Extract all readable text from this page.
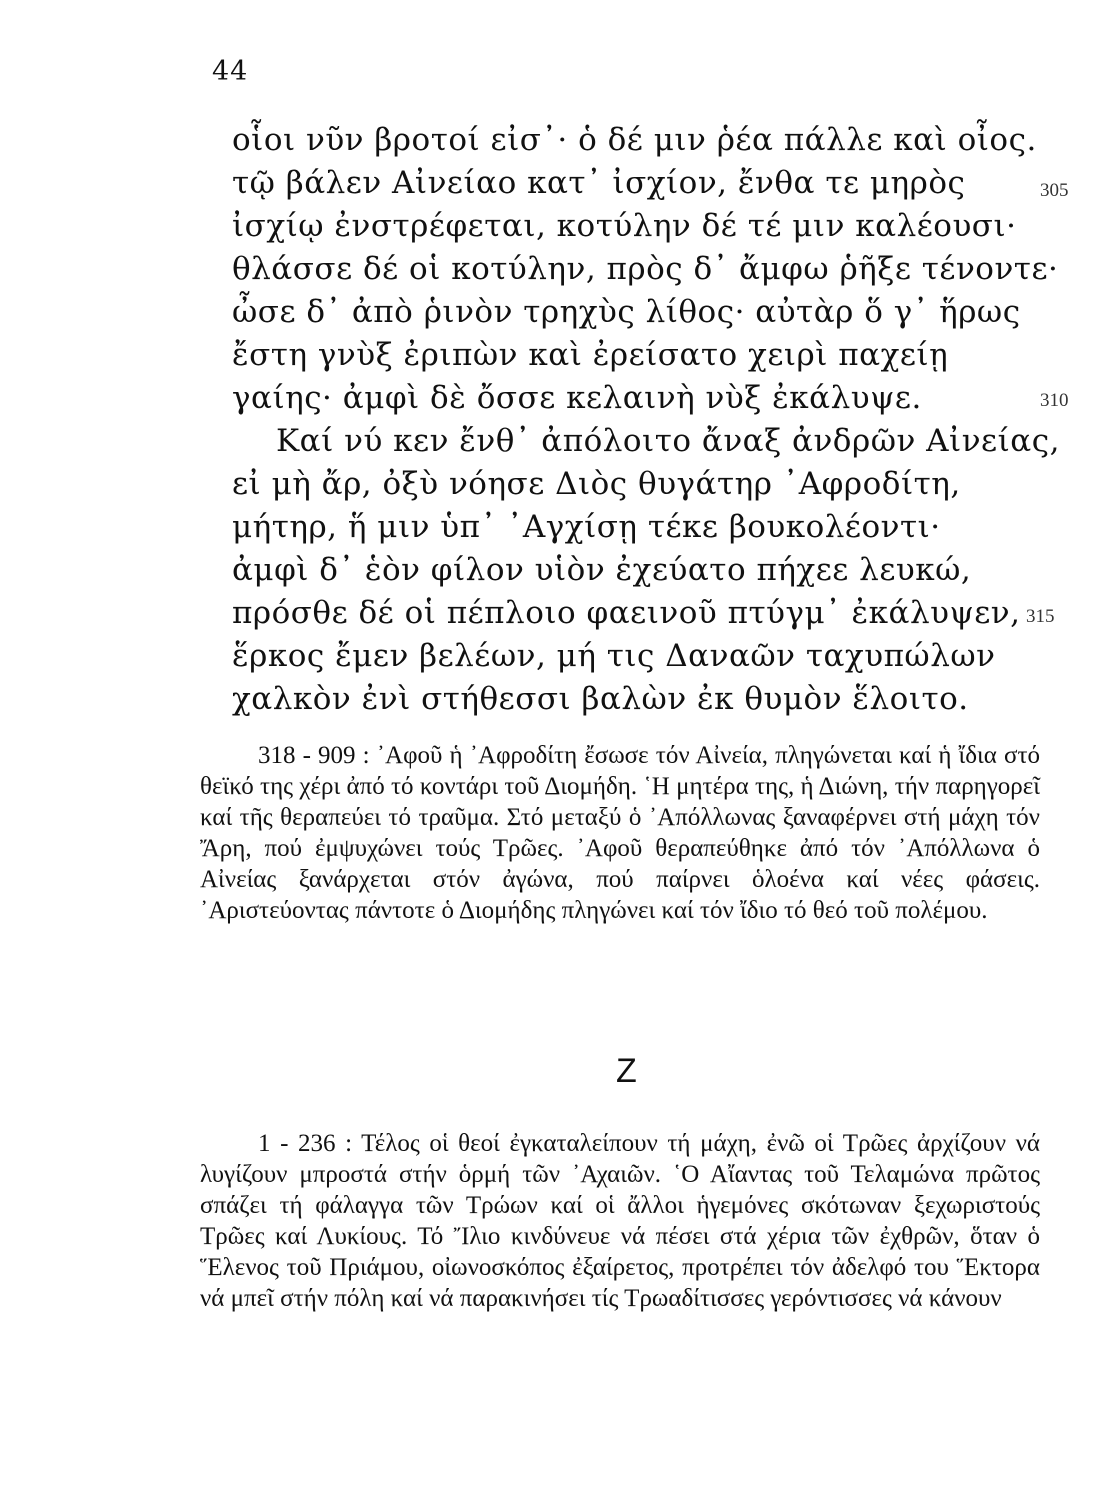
44
οἷοι νῦν βροτοί εἰσ᾽· ὁ δέ μιν ῥέα πάλλε καὶ οἶος.
τῷ βάλεν Αἰνείαο κατ᾽ ἰσχίον, ἔνθα τε μηρὸς	305
ἰσχίῳ ἐνστρέφεται, κοτύλην δέ τέ μιν καλέουσι·
θλάσσε δέ οἱ κοτύλην, πρὸς δ᾽ ἄμφω ῥῆξε τένοντε·
ὦσε δ᾽ ἀπὸ ῥινὸν τρηχὺς λίθος· αὐτὰρ ὅ γ᾽ ἥρως
ἔστη γνὺξ ἐριπὼν καὶ ἐρείσατο χειρὶ παχείῃ
γαίης· ἀμφὶ δὲ ὄσσε κελαινὴ νὺξ ἐκάλυψε.	310
Καί νύ κεν ἔνθ᾽ ἀπόλοιτο ἄναξ ἀνδρῶν Αἰνείας,
εἰ μὴ ἄρ, ὀξὺ νόησε Διὸς θυγάτηρ ᾽Αφροδίτη,
μήτηρ, ἥ μιν ὑπ᾽ ᾽Αγχίσῃ τέκε βουκολέοντι·
ἀμφὶ δ᾽ ἑὸν φίλον υἱὸν ἐχεύατο πήχεε λευκώ,
πρόσθε δέ οἱ πέπλοιο φαεινοῦ πτύγμ᾽ ἐκάλυψεν, 315
ἕρκος ἔμεν βελέων, μή τις Δαναῶν ταχυπώλων
χαλκὸν ἐνὶ στήθεσσι βαλὼν ἐκ θυμὸν ἕλοιτο.

318 - 909 : ᾽Αφοῦ ἡ ᾽Αφροδίτη ἔσωσε τόν Αἰνεία, πληγώνεται καί ἡ ἴδια στό θεϊκό της χέρι ἀπό τό κοντάρι τοῦ Διομήδη. ῾Η μητέρα της, ἡ Διώνη, τήν παρηγορεῖ καί τῆς θεραπεύει τό τραῦμα. Στό μεταξύ ὁ ᾽Απόλλωνας ξαναφέρνει στή μάχη τόν Ἄρη, πού ἐμψυχώνει τούς Τρῶες. ᾽Αφοῦ θεραπεύθηκε ἀπό τόν ᾽Απόλλωνα ὁ Αἰνείας ξανάρχεται στόν ἀγώνα, πού παίρνει ὁλοένα καί νέες φάσεις. ᾽Αριστεύοντας πάντοτε ὁ Διομήδης πληγώνει καί τόν ἴδιο τό θεό τοῦ πολέμου.

Z

1 - 236 : Τέλος οἱ θεοί ἐγκαταλείπουν τή μάχη, ἐνῶ οἱ Τρῶες ἀρχίζουν νά λυγίζουν μπροστά στήν ὁρμή τῶν ᾽Αχαιῶν. ῾Ο Αἴαντας τοῦ Τελαμώνα πρῶτος σπάζει τή φάλαγγα τῶν Τρώων καί οἱ ἄλλοι ἡγεμόνες σκότωναν ξεχωριστούς Τρῶες καί Λυκίους. Τό Ἴλιο κινδύνευε νά πέσει στά χέρια τῶν ἐχθρῶν, ὅταν ὁ Ἕλενος τοῦ Πριάμου, οἰωνοσκόπος ἐξαίρετος, προτρέπει τόν ἀδελφό του Ἕκτορα νά μπεῖ στήν πόλη καί νά παρακινήσει τίς Τρωαδίτισσες γερόντισσες νά κάνουν
